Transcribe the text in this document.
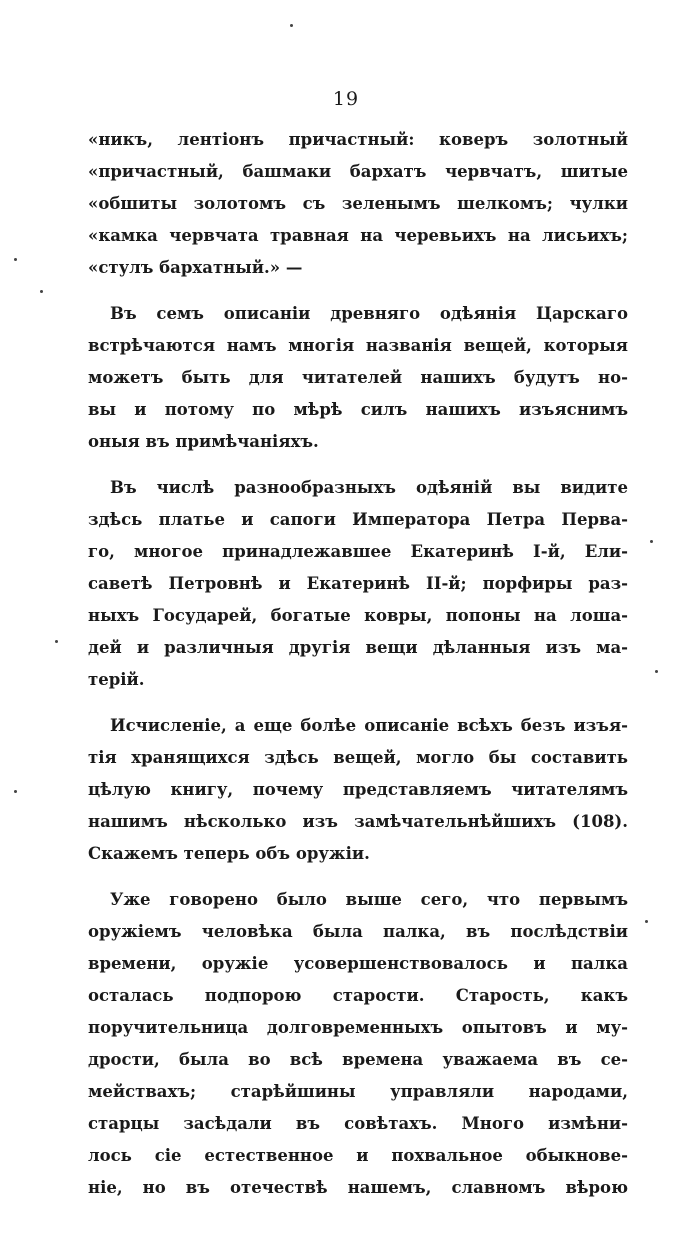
19
«никъ, лентіонъ причастный: коверъ золотный
«причастный, башмаки бархатъ червчатъ, шитые
«обшиты золотомъ съ зеленымъ шелкомъ; чулки
«камка червчата травная на черевьихъ на лисьихъ;
«стулъ бархатный.» —
Въ семъ описаніи древняго одѣянія Царскаго
встрѣчаются намъ многія названія вещей, которыя
можетъ быть для читателей нашихъ будутъ но-
вы и потому по мѣрѣ силъ нашихъ изъяснимъ
оныя въ примѣчаніяхъ.
Въ числѣ разнообразныхъ одѣяній вы видите
здѣсь платье и сапоги Императора Петра Перва-
го, многое принадлежавшее Екатеринѣ I-й, Ели-
саветѣ Петровнѣ и Екатеринѣ II-й; порфиры раз-
ныхъ Государей, богатые ковры, попоны на лоша-
дей и различныя другія вещи дѣланныя изъ ма-
терій.
Исчисленіе, а еще болѣе описаніе всѣхъ безъ изъя-
тія хранящихся здѣсь вещей, могло бы составить
цѣлую книгу, почему представляемъ читателямъ
нашимъ нѣсколько изъ замѣчательнѣйшихъ (108).
Скажемъ теперь объ оружіи.
Уже говорено было выше сего, что первымъ
оружіемъ человѣка была палка, въ послѣдствіи
времени, оружіе усовершенствовалось и палка
осталась подпорою старости. Старость, какъ
поручительница долговременныхъ опытовъ и му-
дрости, была во всѣ времена уважаема въ се-
мействахъ; старѣйшины управляли народами,
старцы засѣдали въ совѣтахъ. Много измѣни-
лось сіе естественное и похвальное обыкнове-
ніе, но въ отечествѣ нашемъ, славномъ вѣрою
